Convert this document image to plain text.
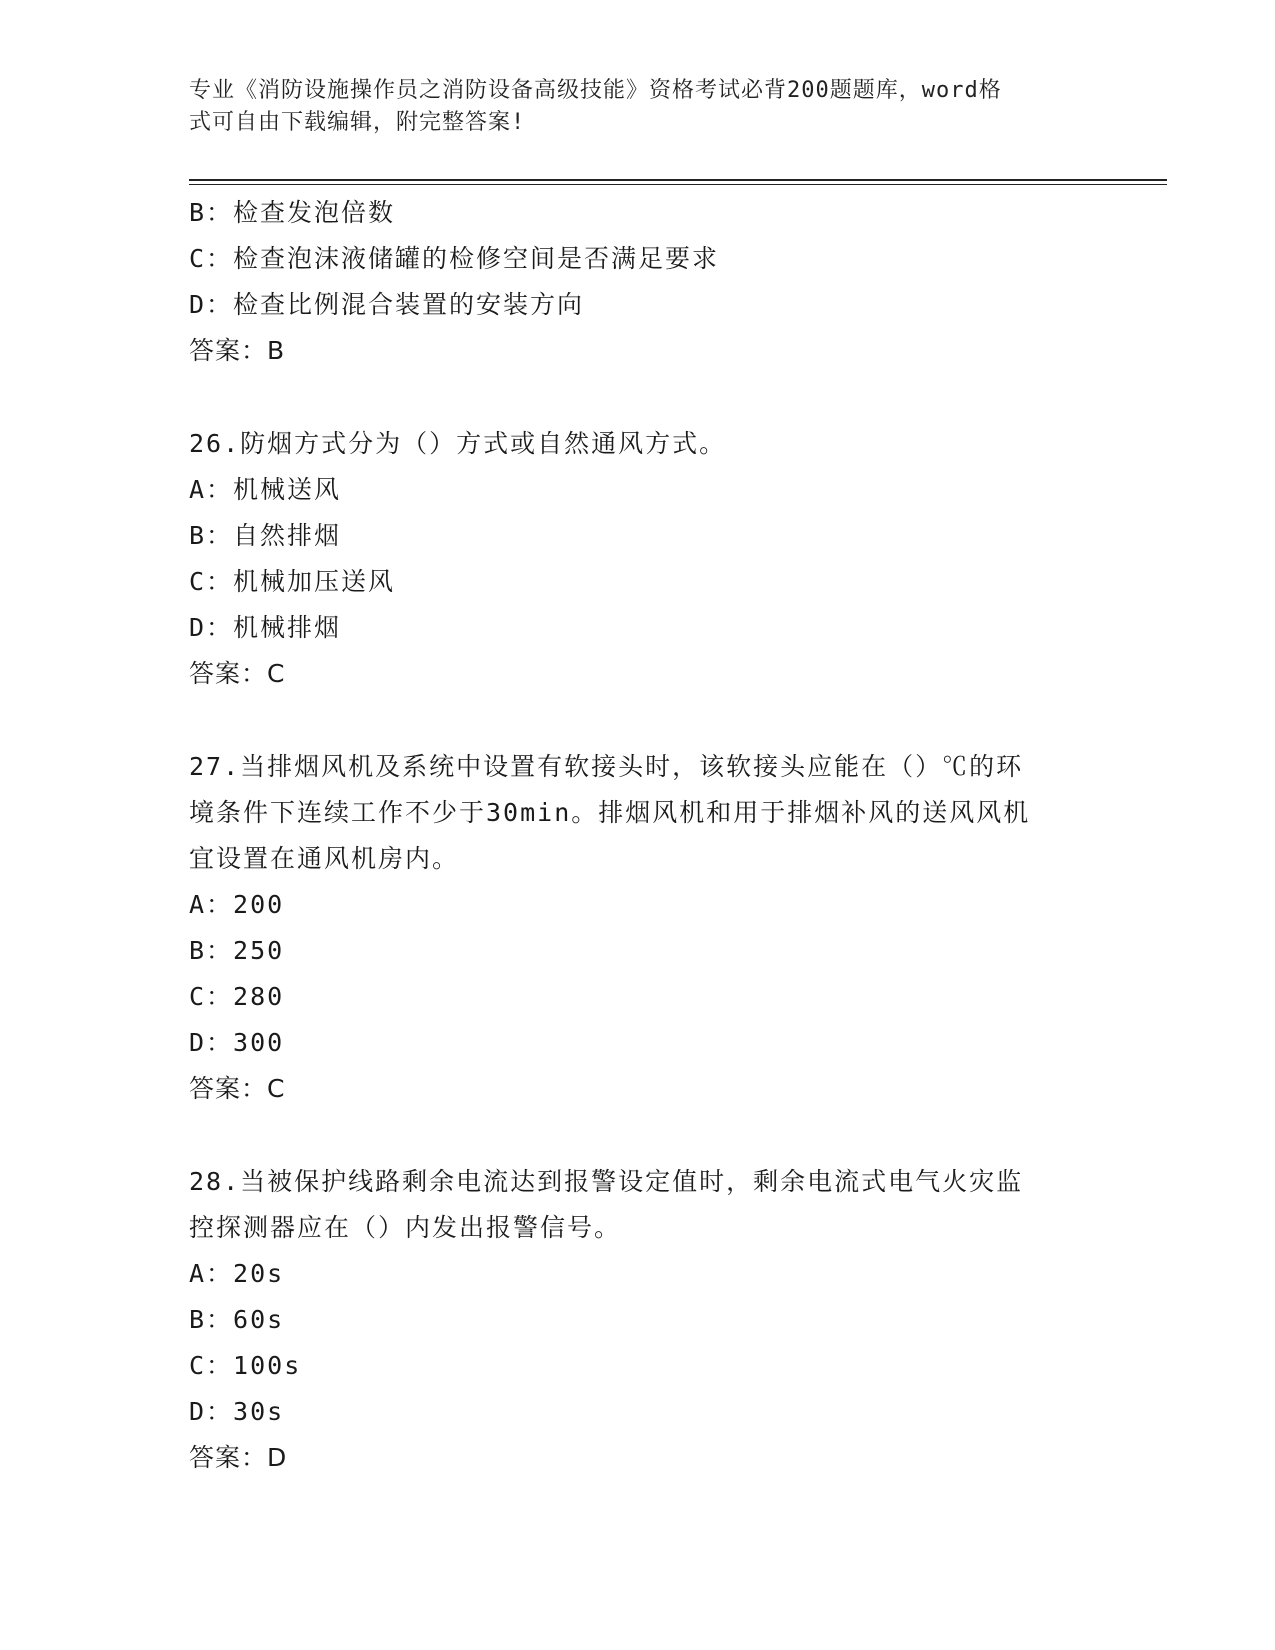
专业《消防设施操作员之消防设备高级技能》资格考试必背200题题库，word格
式可自由下载编辑，附完整答案!
B：检查发泡倍数
C：检查泡沫液储罐的检修空间是否满足要求
D：检查比例混合装置的安装方向
答案：B
26.防烟方式分为（）方式或自然通风方式。
A：机械送风
B：自然排烟
C：机械加压送风
D：机械排烟
答案：C
27.当排烟风机及系统中设置有软接头时，该软接头应能在（）℃的环
境条件下连续工作不少于30min。排烟风机和用于排烟补风的送风风机
宜设置在通风机房内。
A：200
B：250
C：280
D：300
答案：C
28.当被保护线路剩余电流达到报警设定值时，剩余电流式电气火灾监
控探测器应在（）内发出报警信号。
A：20s
B：60s
C：100s
D：30s
答案：D
